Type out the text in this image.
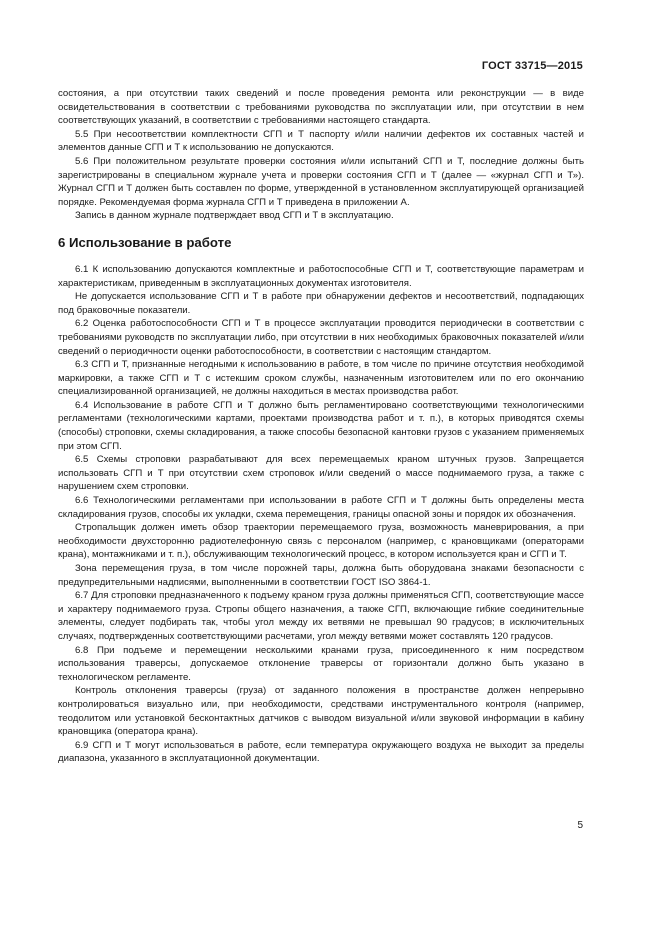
ГОСТ 33715—2015

состояния, а при отсутствии таких сведений и после проведения ремонта или реконструкции — в виде освидетельствования в соответствии с требованиями руководства по эксплуатации или, при отсутствии в нем соответствующих указаний, в соответствии с требованиями настоящего стандарта.

5.5 При несоответствии комплектности СГП и Т паспорту и/или наличии дефектов их составных частей и элементов данные СГП и Т к использованию не допускаются.

5.6 При положительном результате проверки состояния и/или испытаний СГП и Т, последние должны быть зарегистрированы в специальном журнале учета и проверки состояния СГП и Т (далее — «журнал СГП и Т»). Журнал СГП и Т должен быть составлен по форме, утвержденной в установленном эксплуатирующей организацией порядке. Рекомендуемая форма журнала СГП и Т приведена в приложении А.

Запись в данном журнале подтверждает ввод СГП и Т в эксплуатацию.

6 Использование в работе

6.1 К использованию допускаются комплектные и работоспособные СГП и Т, соответствующие параметрам и характеристикам, приведенным в эксплуатационных документах изготовителя.

Не допускается использование СГП и Т в работе при обнаружении дефектов и несоответствий, подпадающих под браковочные показатели.

6.2 Оценка работоспособности СГП и Т в процессе эксплуатации проводится периодически в соответствии с требованиями руководств по эксплуатации либо, при отсутствии в них необходимых браковочных показателей и/или сведений о периодичности оценки работоспособности, в соответствии с настоящим стандартом.

6.3 СГП и Т, признанные негодными к использованию в работе, в том числе по причине отсутствия необходимой маркировки, а также СГП и Т с истекшим сроком службы, назначенным изготовителем или по его окончанию специализированной организацией, не должны находиться в местах производства работ.

6.4 Использование в работе СГП и Т должно быть регламентировано соответствующими технологическими регламентами (технологическими картами, проектами производства работ и т. п.), в которых приводятся схемы (способы) строповки, схемы складирования, а также способы безопасной кантовки грузов с указанием применяемых при этом СГП.

6.5 Схемы строповки разрабатывают для всех перемещаемых краном штучных грузов. Запрещается использовать СГП и Т при отсутствии схем строповок и/или сведений о массе поднимаемого груза, а также с нарушением схем строповки.

6.6 Технологическими регламентами при использовании в работе СГП и Т должны быть определены места складирования грузов, способы их укладки, схема перемещения, границы опасной зоны и порядок их обозначения.

Стропальщик должен иметь обзор траектории перемещаемого груза, возможность маневрирования, а при необходимости двухсторонню радиотелефонную связь с персоналом (например, с крановщиками (операторами крана), монтажниками и т. п.), обслуживающим технологический процесс, в котором используется кран и СГП и Т.

Зона перемещения груза, в том числе порожней тары, должна быть оборудована знаками безопасности с предупредительными надписями, выполненными в соответствии ГОСТ ISO 3864-1.

6.7 Для строповки предназначенного к подъему краном груза должны применяться СГП, соответствующие массе и характеру поднимаемого груза. Стропы общего назначения, а также СГП, включающие гибкие соединительные элементы, следует подбирать так, чтобы угол между их ветвями не превышал 90 градусов; в исключительных случаях, подтвержденных соответствующими расчетами, угол между ветвями может составлять 120 градусов.

6.8 При подъеме и перемещении несколькими кранами груза, присоединенного к ним посредством использования траверсы, допускаемое отклонение траверсы от горизонтали должно быть указано в технологическом регламенте.

Контроль отклонения траверсы (груза) от заданного положения в пространстве должен непрерывно контролироваться визуально или, при необходимости, средствами инструментального контроля (например, теодолитом или установкой бесконтактных датчиков с выводом визуальной и/или звуковой информации в кабину крановщика (оператора крана).

6.9 СГП и Т могут использоваться в работе, если температура окружающего воздуха не выходит за пределы диапазона, указанного в эксплуатационной документации.

5
